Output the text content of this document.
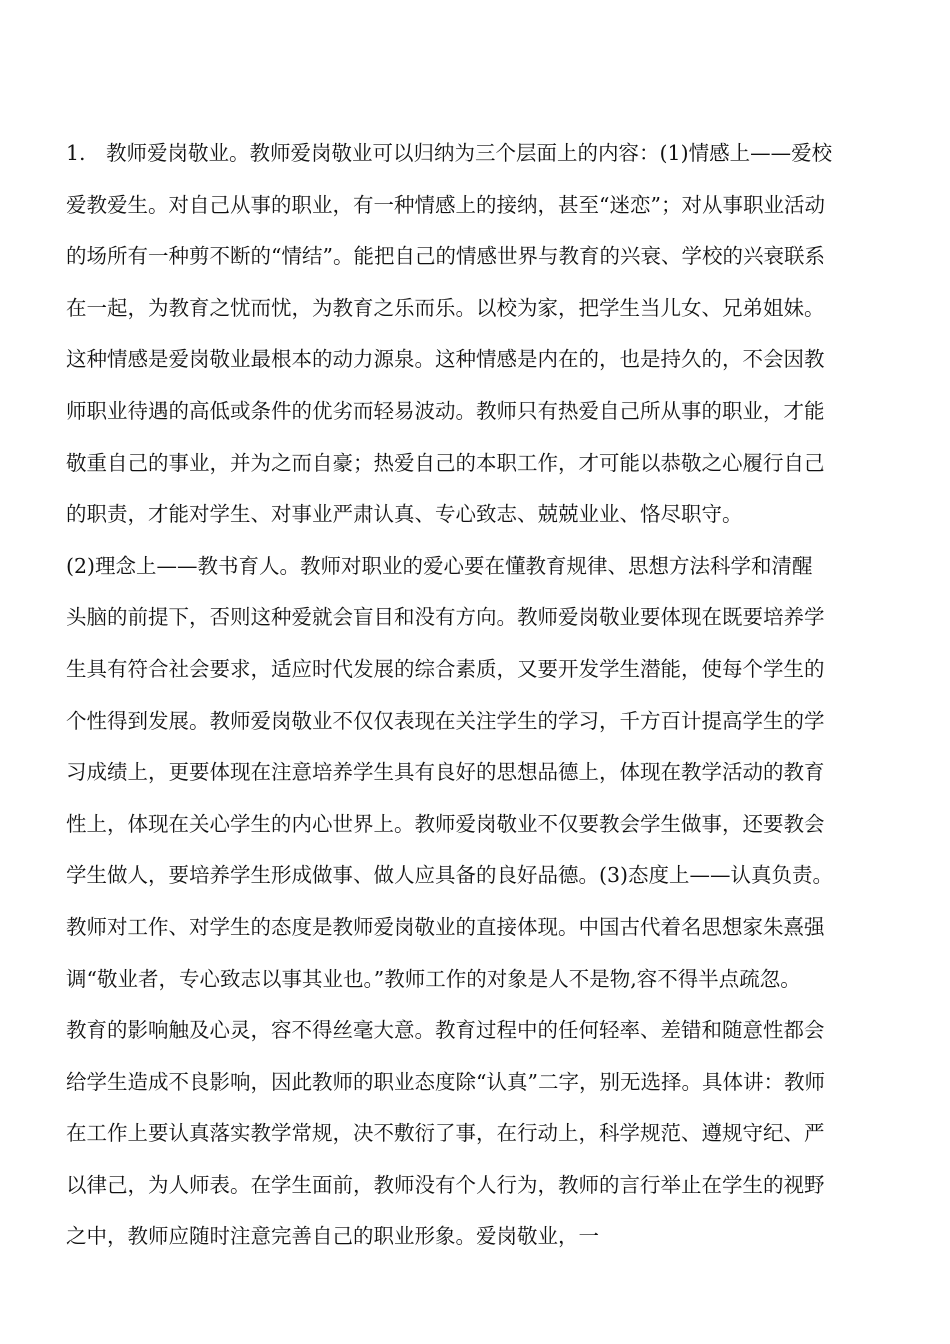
1.　教师爱岗敬业。教师爱岗敬业可以归纳为三个层面上的内容：(1)情感上——爱校
爱教爱生。对自己从事的职业，有一种情感上的接纳，甚至“迷恋”；对从事职业活动
的场所有一种剪不断的“情结”。能把自己的情感世界与教育的兴衰、学校的兴衰联系
在一起，为教育之忧而忧，为教育之乐而乐。以校为家，把学生当儿女、兄弟姐妹。
这种情感是爱岗敬业最根本的动力源泉。这种情感是内在的，也是持久的，不会因教
师职业待遇的高低或条件的优劣而轻易波动。教师只有热爱自己所从事的职业，才能
敬重自己的事业，并为之而自豪；热爱自己的本职工作，才可能以恭敬之心履行自己
的职责，才能对学生、对事业严肃认真、专心致志、兢兢业业、恪尽职守。
(2)理念上——教书育人。教师对职业的爱心要在懂教育规律、思想方法科学和清醒
头脑的前提下，否则这种爱就会盲目和没有方向。教师爱岗敬业要体现在既要培养学
生具有符合社会要求，适应时代发展的综合素质，又要开发学生潜能，使每个学生的
个性得到发展。教师爱岗敬业不仅仅表现在关注学生的学习，千方百计提高学生的学
习成绩上，更要体现在注意培养学生具有良好的思想品德上，体现在教学活动的教育
性上，体现在关心学生的内心世界上。教师爱岗敬业不仅要教会学生做事，还要教会
学生做人，要培养学生形成做事、做人应具备的良好品德。(3)态度上——认真负责。
教师对工作、对学生的态度是教师爱岗敬业的直接体现。中国古代着名思想家朱熹强
调“敬业者，专心致志以事其业也。”教师工作的对象是人不是物,容不得半点疏忽。
教育的影响触及心灵，容不得丝毫大意。教育过程中的任何轻率、差错和随意性都会
给学生造成不良影响，因此教师的职业态度除“认真”二字，别无选择。具体讲：教师
在工作上要认真落实教学常规，决不敷衍了事，在行动上，科学规范、遵规守纪、严
以律己，为人师表。在学生面前，教师没有个人行为，教师的言行举止在学生的视野
之中，教师应随时注意完善自己的职业形象。爱岗敬业，一
